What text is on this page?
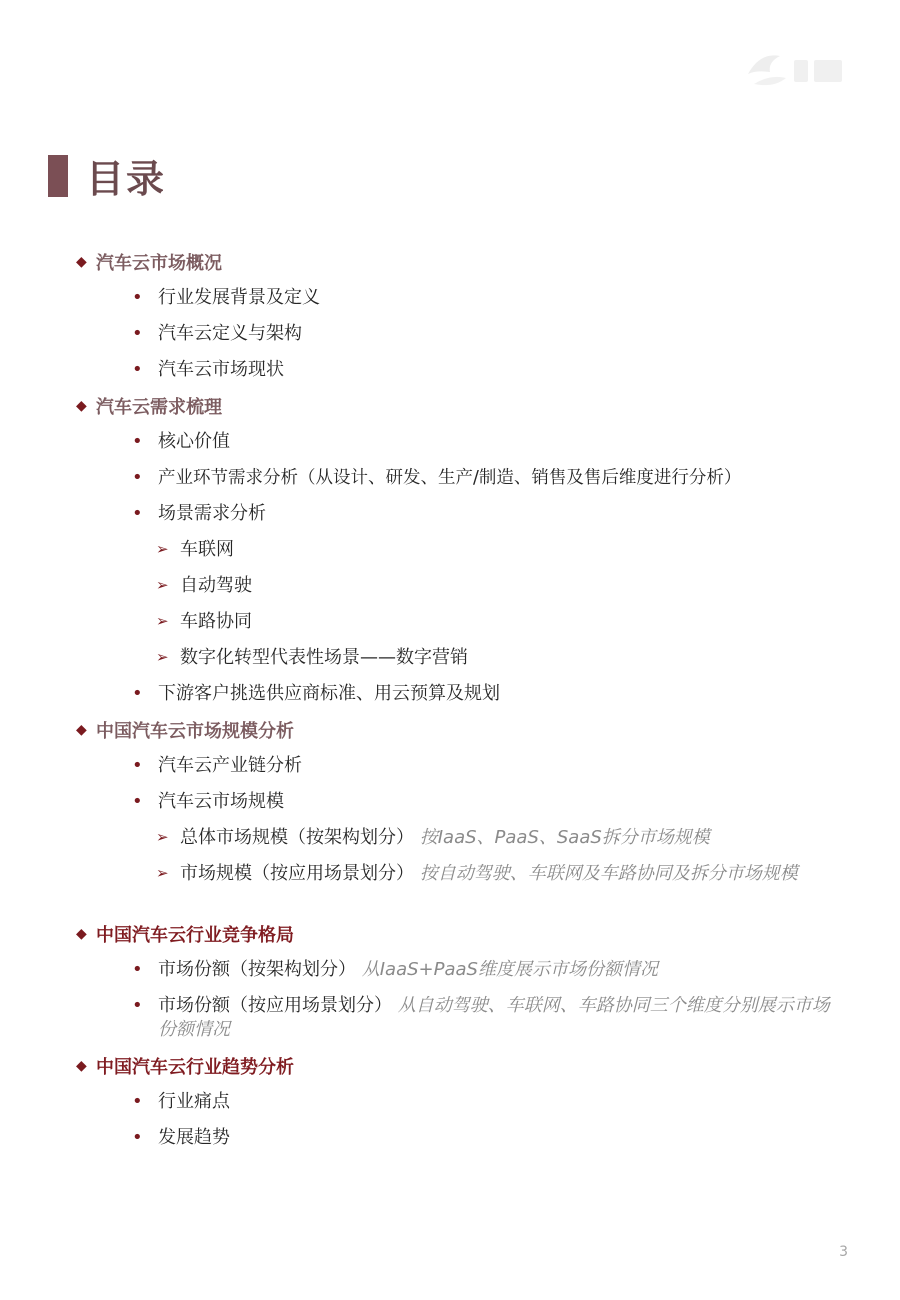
目录
◆ 汽车云市场概况
• 行业发展背景及定义
• 汽车云定义与架构
• 汽车云市场现状
◆ 汽车云需求梳理
• 核心价值
• 产业环节需求分析（从设计、研发、生产/制造、销售及售后维度进行分析）
• 场景需求分析
➢ 车联网
➢ 自动驾驶
➢ 车路协同
➢ 数字化转型代表性场景——数字营销
• 下游客户挑选供应商标准、用云预算及规划
◆ 中国汽车云市场规模分析
• 汽车云产业链分析
• 汽车云市场规模
➢ 总体市场规模（按架构划分） 按IaaS、PaaS、SaaS拆分市场规模
➢ 市场规模（按应用场景划分） 按自动驾驶、车联网及车路协同及拆分市场规模
◆ 中国汽车云行业竞争格局
• 市场份额（按架构划分） 从IaaS+PaaS维度展示市场份额情况
• 市场份额（按应用场景划分） 从自动驾驶、车联网、车路协同三个维度分别展示市场份额情况
◆ 中国汽车云行业趋势分析
• 行业痛点
• 发展趋势
3
